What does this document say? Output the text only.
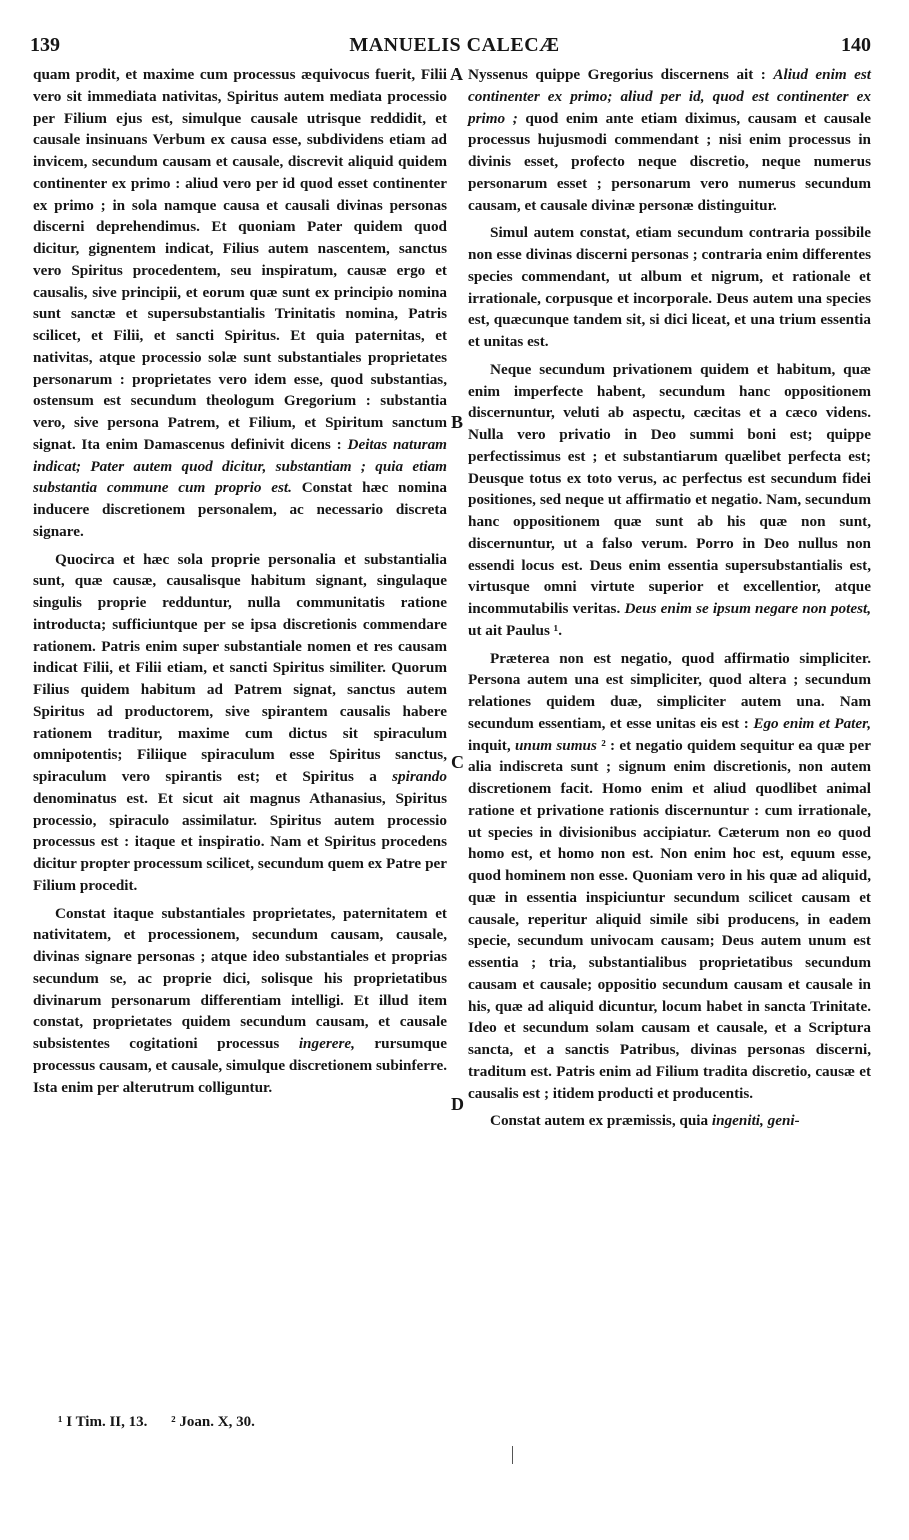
139	MANUELIS CALECÆ	140
A
B
C
D

quam prodit, et maxime cum processus æquivocus fuerit, Filii vero sit immediata nativitas, Spiritus autem mediata processio per Filium ejus est, simulque causale utrisque reddidit, et causale insinuans Verbum ex causa esse, subdividens etiam ad invicem, secundum causam et causale, discrevit aliquid quidem continenter ex primo : aliud vero per id quod esset continenter ex primo ; in sola namque causa et causali divinas personas discerni deprehendimus. Et quoniam Pater quidem quod dicitur, gignentem indicat, Filius autem nascentem, sanctus vero Spiritus procedentem, seu inspiratum, causæ ergo et causalis, sive principii, et eorum quæ sunt ex principio nomina sunt sanctæ et supersubstantialis Trinitatis nomina, Patris scilicet, et Filii, et sancti Spiritus. Et quia paternitas, et nativitas, atque processio solæ sunt substantiales proprietates personarum : proprietates vero idem esse, quod substantias, ostensum est secundum theologum Gregorium : substantia vero, sive persona Patrem, et Filium, et Spiritum sanctum signat. Ita enim Damascenus definivit dicens : Deitas naturam indicat; Pater autem quod dicitur, substantiam ; quia etiam substantia commune cum proprio est. Constat hæc nomina inducere discretionem personalem, ac necessario discreta signare.

Quocirca et hæc sola proprie personalia et substantialia sunt, quæ causæ, causalisque habitum signant, singulaque singulis proprie redduntur, nulla communitatis ratione introducta; sufficiuntque per se ipsa discretionis commendare rationem. Patris enim super substantiale nomen et res causam indicat Filii, et Filii etiam, et sancti Spiritus similiter. Quorum Filius quidem habitum ad Patrem signat, sanctus autem Spiritus ad productorem, sive spirantem causalis habere rationem traditur, maxime cum dictus sit spiraculum omnipotentis; Filiique spiraculum esse Spiritus sanctus, spiraculum vero spirantis est; et Spiritus a spirando denominatus est. Et sicut ait magnus Athanasius, Spiritus processio, spiraculo assimilatur. Spiritus autem processio processus est : itaque et inspiratio. Nam et Spiritus procedens dicitur propter processum scilicet, secundum quem ex Patre per Filium procedit.

Constat itaque substantiales proprietates, paternitatem et nativitatem, et processionem, secundum causam, causale, divinas signare personas ; atque ideo substantiales et proprias secundum se, ac proprie dici, solisque his proprietatibus divinarum personarum differentiam intelligi. Et illud item constat, proprietates quidem secundum causam, et causale subsistentes cogitationi processus ingerere, rursumque processus causam, et causale, simulque discretionem subinferre. Ista enim per alterutrum colliguntur.

Nyssenus quippe Gregorius discernens ait : Aliud enim est continenter ex primo; aliud per id, quod est continenter ex primo ; quod enim ante etiam diximus, causam et causale processus hujusmodi commendant ; nisi enim processus in divinis esset, profecto neque discretio, neque numerus personarum esset ; personarum vero numerus secundum causam, et causale divinæ personæ distinguitur.

Simul autem constat, etiam secundum contraria possibile non esse divinas discerni personas ; contraria enim differentes species commendant, ut album et nigrum, et rationale et irrationale, corpusque et incorporale. Deus autem una species est, quæcunque tandem sit, si dici liceat, et una trium essentia et unitas est.

Neque secundum privationem quidem et habitum, quæ enim imperfecte habent, secundum hanc oppositionem discernuntur, veluti ab aspectu, cæcitas et a cæco videns. Nulla vero privatio in Deo summi boni est; quippe perfectissimus est ; et substantiarum quælibet perfecta est; Deusque totus ex toto verus, ac perfectus est secundum fidei positiones, sed neque ut affirmatio et negatio. Nam, secundum hanc oppositionem quæ sunt ab his quæ non sunt, discernuntur, ut a falso verum. Porro in Deo nullus non essendi locus est. Deus enim essentia supersubstantialis est, virtusque omni virtute superior et excellentior, atque incommutabilis veritas. Deus enim se ipsum negare non potest, ut ait Paulus ¹.

Præterea non est negatio, quod affirmatio simpliciter. Persona autem una est simpliciter, quod altera ; secundum relationes quidem duæ, simpliciter autem una. Nam secundum essentiam, et esse unitas eis est : Ego enim et Pater, inquit, unum sumus ² : et negatio quidem sequitur ea quæ per alia indiscreta sunt ; signum enim discretionis, non autem discretionem facit. Homo enim et aliud quodlibet animal ratione et privatione rationis discernuntur : cum irrationale, ut species in divisionibus accipiatur. Cæterum non eo quod homo est, et homo non est. Non enim hoc est, equum esse, quod hominem non esse. Quoniam vero in his quæ ad aliquid, quæ in essentia inspiciuntur secundum scilicet causam et causale, reperitur aliquid simile sibi producens, in eadem specie, secundum univocam causam; Deus autem unum est essentia ; tria, substantialibus proprietatibus secundum causam et causale; oppositio secundum causam et causale in his, quæ ad aliquid dicuntur, locum habet in sancta Trinitate. Ideo et secundum solam causam et causale, et a Scriptura sancta, et a sanctis Patribus, divinas personas discerni, traditum est. Patris enim ad Filium tradita discretio, causæ et causalis est ; itidem producti et producentis.

Constat autem ex præmissis, quia ingeniti, geni-

¹ I Tim. II, 13. ² Joan. X, 30.
